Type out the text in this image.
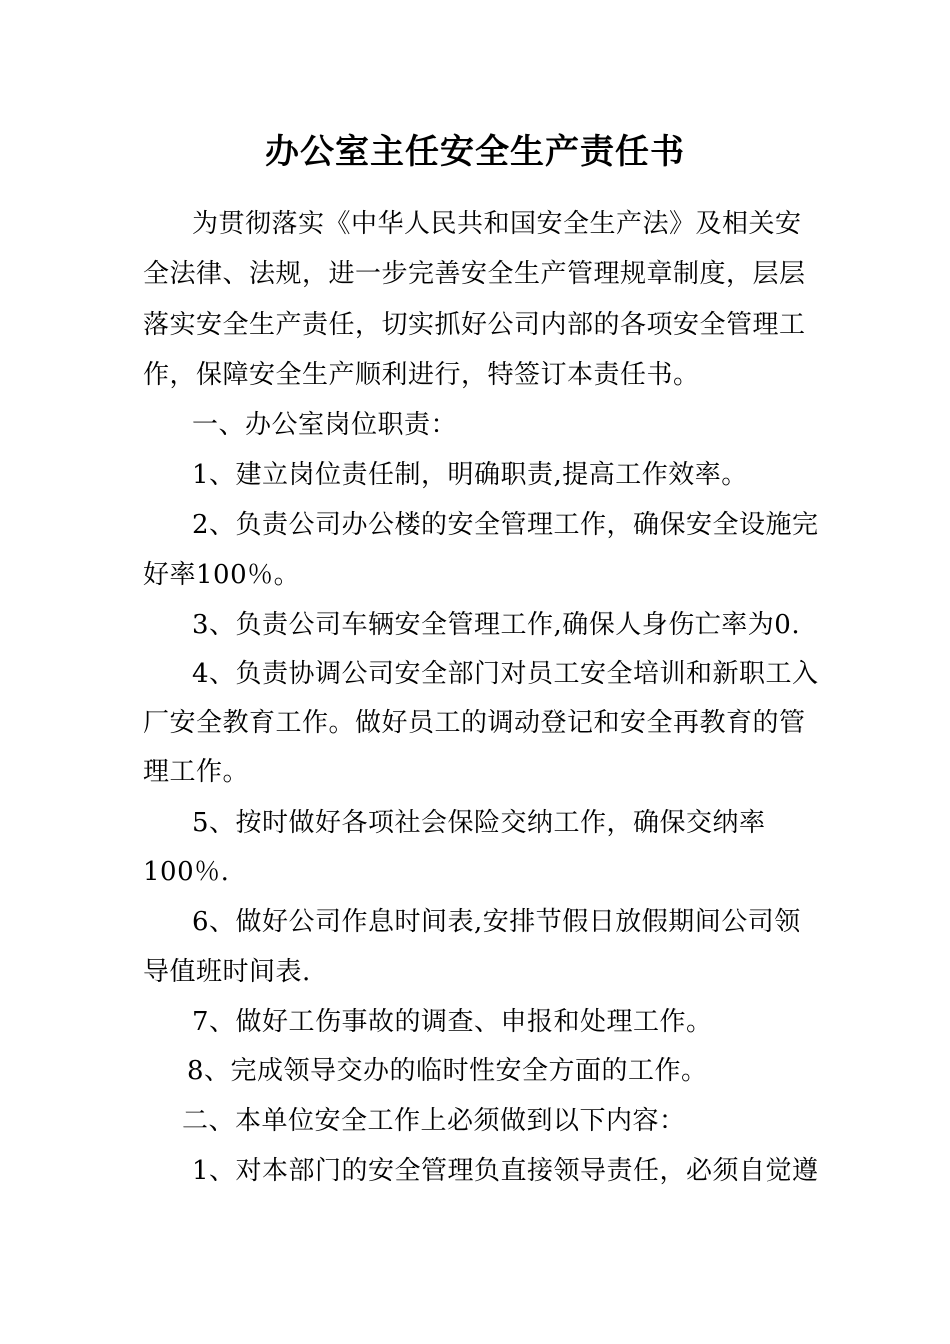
办公室主任安全生产责任书
为贯彻落实《中华人民共和国安全生产法》及相关安
全法律、法规，进一步完善安全生产管理规章制度，层层
落实安全生产责任，切实抓好公司内部的各项安全管理工
作，保障安全生产顺利进行，特签订本责任书。
一、办公室岗位职责：
1、建立岗位责任制，明确职责,提高工作效率。
2、负责公司办公楼的安全管理工作，确保安全设施完
好率100％。
3、负责公司车辆安全管理工作,确保人身伤亡率为0.
4、负责协调公司安全部门对员工安全培训和新职工入
厂安全教育工作。做好员工的调动登记和安全再教育的管
理工作。
5、按时做好各项社会保险交纳工作，确保交纳率
100％.
6、做好公司作息时间表,安排节假日放假期间公司领
导值班时间表.
7、做好工伤事故的调查、申报和处理工作。
8、完成领导交办的临时性安全方面的工作。
二、本单位安全工作上必须做到以下内容：
1、对本部门的安全管理负直接领导责任，必须自觉遵
